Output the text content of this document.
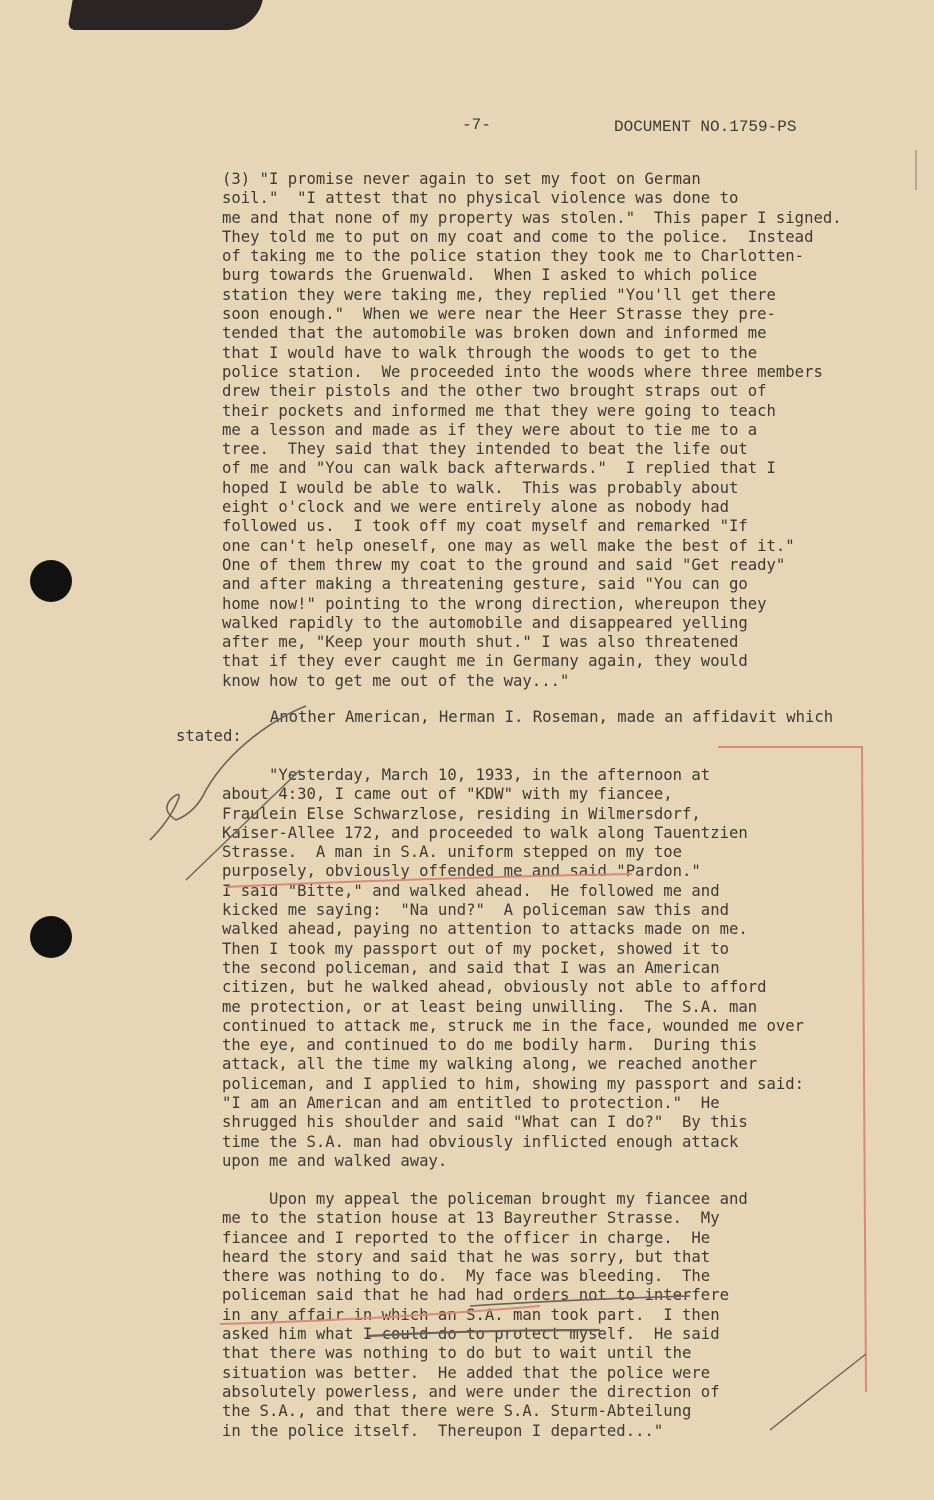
-7-	DOCUMENT NO.1759-PS
(3) "I promise never again to set my foot on German
soil."  "I attest that no physical violence was done to
me and that none of my property was stolen."  This paper I signed.
They told me to put on my coat and come to the police.  Instead
of taking me to the police station they took me to Charlotten-
burg towards the Gruenwald.  When I asked to which police
station they were taking me, they replied "You'll get there
soon enough."  When we were near the Heer Strasse they pre-
tended that the automobile was broken down and informed me
that I would have to walk through the woods to get to the
police station.  We proceeded into the woods where three members
drew their pistols and the other two brought straps out of
their pockets and informed me that they were going to teach
me a lesson and made as if they were about to tie me to a
tree.  They said that they intended to beat the life out
of me and "You can walk back afterwards."  I replied that I
hoped I would be able to walk.  This was probably about
eight o'clock and we were entirely alone as nobody had
followed us.  I took off my coat myself and remarked "If
one can't help oneself, one may as well make the best of it."
One of them threw my coat to the ground and said "Get ready"
and after making a threatening gesture, said "You can go
home now!" pointing to the wrong direction, whereupon they
walked rapidly to the automobile and disappeared yelling
after me, "Keep your mouth shut." I was also threatened
that if they ever caught me in Germany again, they would
know how to get me out of the way..."
Another American, Herman I. Roseman, made an affidavit which
stated:
"Yesterday, March 10, 1933, in the afternoon at
about 4:30, I came out of "KDW" with my fiancee,
Fraulein Else Schwarzlose, residing in Wilmersdorf,
Kaiser-Allee 172, and proceeded to walk along Tauentzien
Strasse.  A man in S.A. uniform stepped on my toe
purposely, obviously offended me and said "Pardon."
I said "Bitte," and walked ahead.  He followed me and
kicked me saying:  "Na und?"  A policeman saw this and
walked ahead, paying no attention to attacks made on me.
Then I took my passport out of my pocket, showed it to
the second policeman, and said that I was an American
citizen, but he walked ahead, obviously not able to afford
me protection, or at least being unwilling.  The S.A. man
continued to attack me, struck me in the face, wounded me over
the eye, and continued to do me bodily harm.  During this
attack, all the time my walking along, we reached another
policeman, and I applied to him, showing my passport and said:
"I am an American and am entitled to protection."  He
shrugged his shoulder and said "What can I do?"  By this
time the S.A. man had obviously inflicted enough attack
upon me and walked away.
Upon my appeal the policeman brought my fiancee and
me to the station house at 13 Bayreuther Strasse.  My
fiancee and I reported to the officer in charge.  He
heard the story and said that he was sorry, but that
there was nothing to do.  My face was bleeding.  The
policeman said that he had had orders not to interfere
in any affair in which an S.A. man took part.  I then
asked him what I could do to protect myself.  He said
that there was nothing to do but to wait until the
situation was better.  He added that the police were
absolutely powerless, and were under the direction of
the S.A., and that there were S.A. Sturm-Abteilung
in the police itself.  Thereupon I departed..."
